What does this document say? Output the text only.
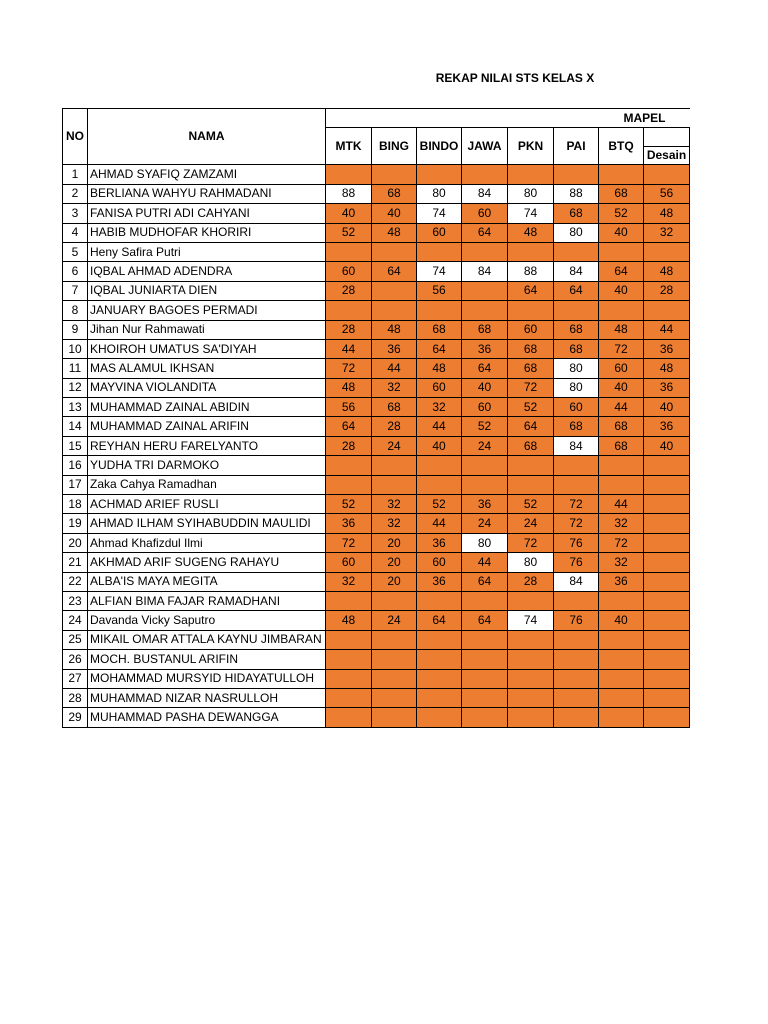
REKAP NILAI STS KELAS X
NO	NAMA	MAPEL							
		MTK	BING	BINDO	JAWA	PKN	PAI	BTQ	Desain

1	AHMAD SYAFIQ ZAMZAMI								
2	BERLIANA WAHYU RAHMADANI	88	68	80	84	80	88	68	56
3	FANISA PUTRI ADI CAHYANI	40	40	74	60	74	68	52	48
4	HABIB MUDHOFAR KHORIRI	52	48	60	64	48	80	40	32
5	Heny Safira Putri								
6	IQBAL AHMAD ADENDRA	60	64	74	84	88	84	64	48
7	IQBAL JUNIARTA DIEN	28		56		64	64	40	28
8	JANUARY BAGOES PERMADI								
9	Jihan Nur Rahmawati	28	48	68	68	60	68	48	44
10	KHOIROH UMATUS SA'DIYAH	44	36	64	36	68	68	72	36
11	MAS ALAMUL IKHSAN	72	44	48	64	68	80	60	48
12	MAYVINA VIOLANDITA	48	32	60	40	72	80	40	36
13	MUHAMMAD ZAINAL ABIDIN	56	68	32	60	52	60	44	40
14	MUHAMMAD ZAINAL ARIFIN	64	28	44	52	64	68	68	36
15	REYHAN HERU FARELYANTO	28	24	40	24	68	84	68	40
16	YUDHA TRI DARMOKO								
17	Zaka Cahya Ramadhan								
18	ACHMAD ARIEF RUSLI	52	32	52	36	52	72	44	
19	AHMAD ILHAM SYIHABUDDIN MAULIDI	36	32	44	24	24	72	32	
20	Ahmad Khafizdul Ilmi	72	20	36	80	72	76	72	
21	AKHMAD ARIF SUGENG RAHAYU	60	20	60	44	80	76	32	
22	ALBA'IS MAYA MEGITA	32	20	36	64	28	84	36	
23	ALFIAN BIMA FAJAR RAMADHANI								
24	Davanda Vicky Saputro	48	24	64	64	74	76	40	
25	MIKAIL OMAR ATTALA KAYNU JIMBARAN								
26	MOCH. BUSTANUL ARIFIN								
27	MOHAMMAD MURSYID HIDAYATULLOH								
28	MUHAMMAD NIZAR NASRULLOH								
29	MUHAMMAD PASHA DEWANGGA								
